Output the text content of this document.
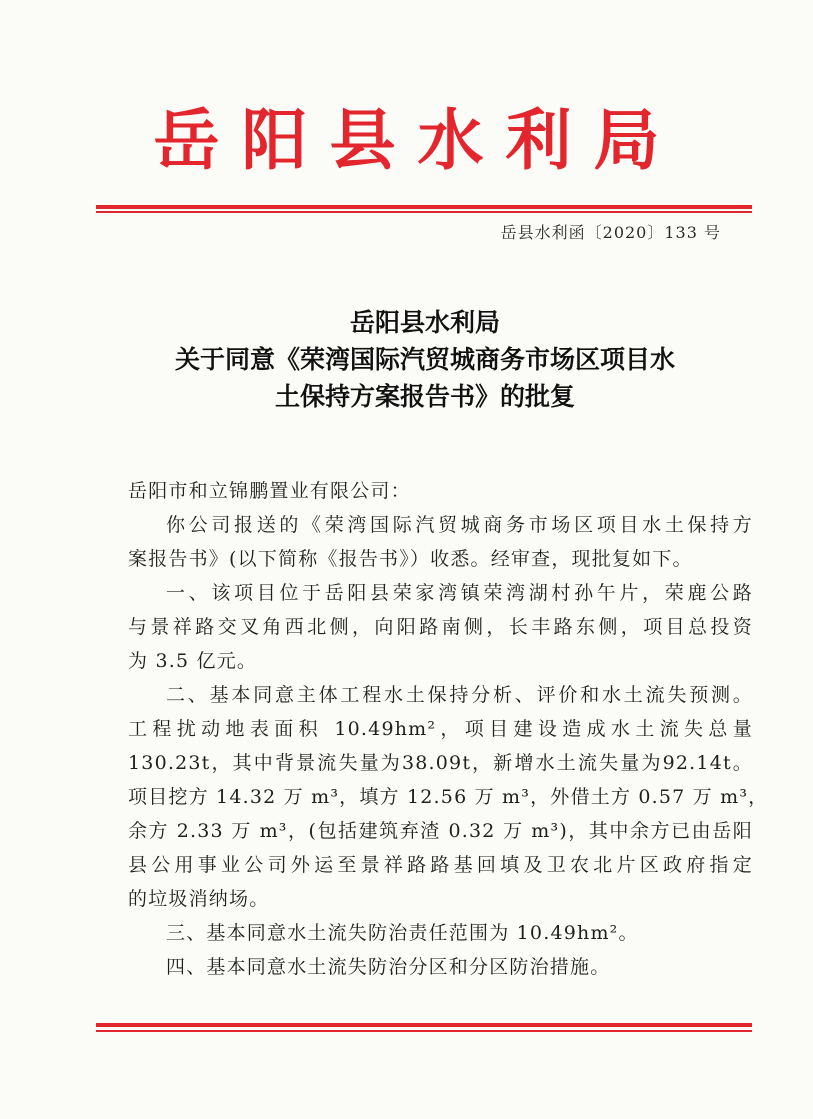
岳阳县水利局
岳县水利函〔2020〕133 号
岳阳县水利局
关于同意《荣湾国际汽贸城商务市场区项目水
土保持方案报告书》的批复

岳阳市和立锦鹏置业有限公司：

你公司报送的《荣湾国际汽贸城商务市场区项目水土保持方
案报告书》(以下简称《报告书》）收悉。经审查，现批复如下。

一、该项目位于岳阳县荣家湾镇荣湾湖村孙午片，荣鹿公路
与景祥路交叉角西北侧，向阳路南侧，长丰路东侧，项目总投资
为 3.5 亿元。

二、基本同意主体工程水土保持分析、评价和水土流失预测。
工程扰动地表面积 10.49hm²，项目建设造成水土流失总量
130.23t，其中背景流失量为38.09t，新增水土流失量为92.14t。
项目挖方 14.32 万 m³，填方 12.56 万 m³，外借土方 0.57 万 m³，
余方 2.33 万 m³，(包括建筑弃渣 0.32 万 m³)，其中余方已由岳阳
县公用事业公司外运至景祥路路基回填及卫农北片区政府指定
的垃圾消纳场。

三、基本同意水土流失防治责任范围为 10.49hm²。

四、基本同意水土流失防治分区和分区防治措施。
